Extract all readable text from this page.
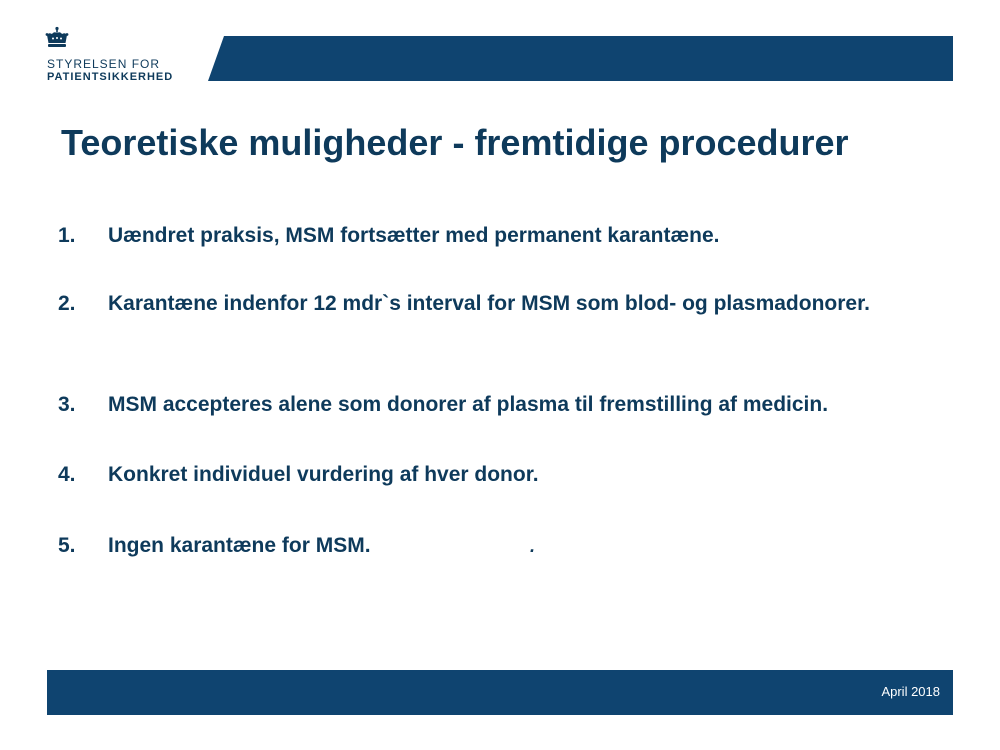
STYRELSEN FOR
PATIENTSIKKERHED
Teoretiske muligheder - fremtidige procedurer
1.	Uændret praksis, MSM fortsætter med permanent karantæne.
2.	Karantæne indenfor 12 mdr`s interval for MSM som blod- og plasmadonorer.
3.	MSM accepteres alene som donorer af plasma til fremstilling af medicin.
4.	Konkret individuel vurdering af hver donor.
5.	Ingen karantæne for MSM.	.
April 2018
